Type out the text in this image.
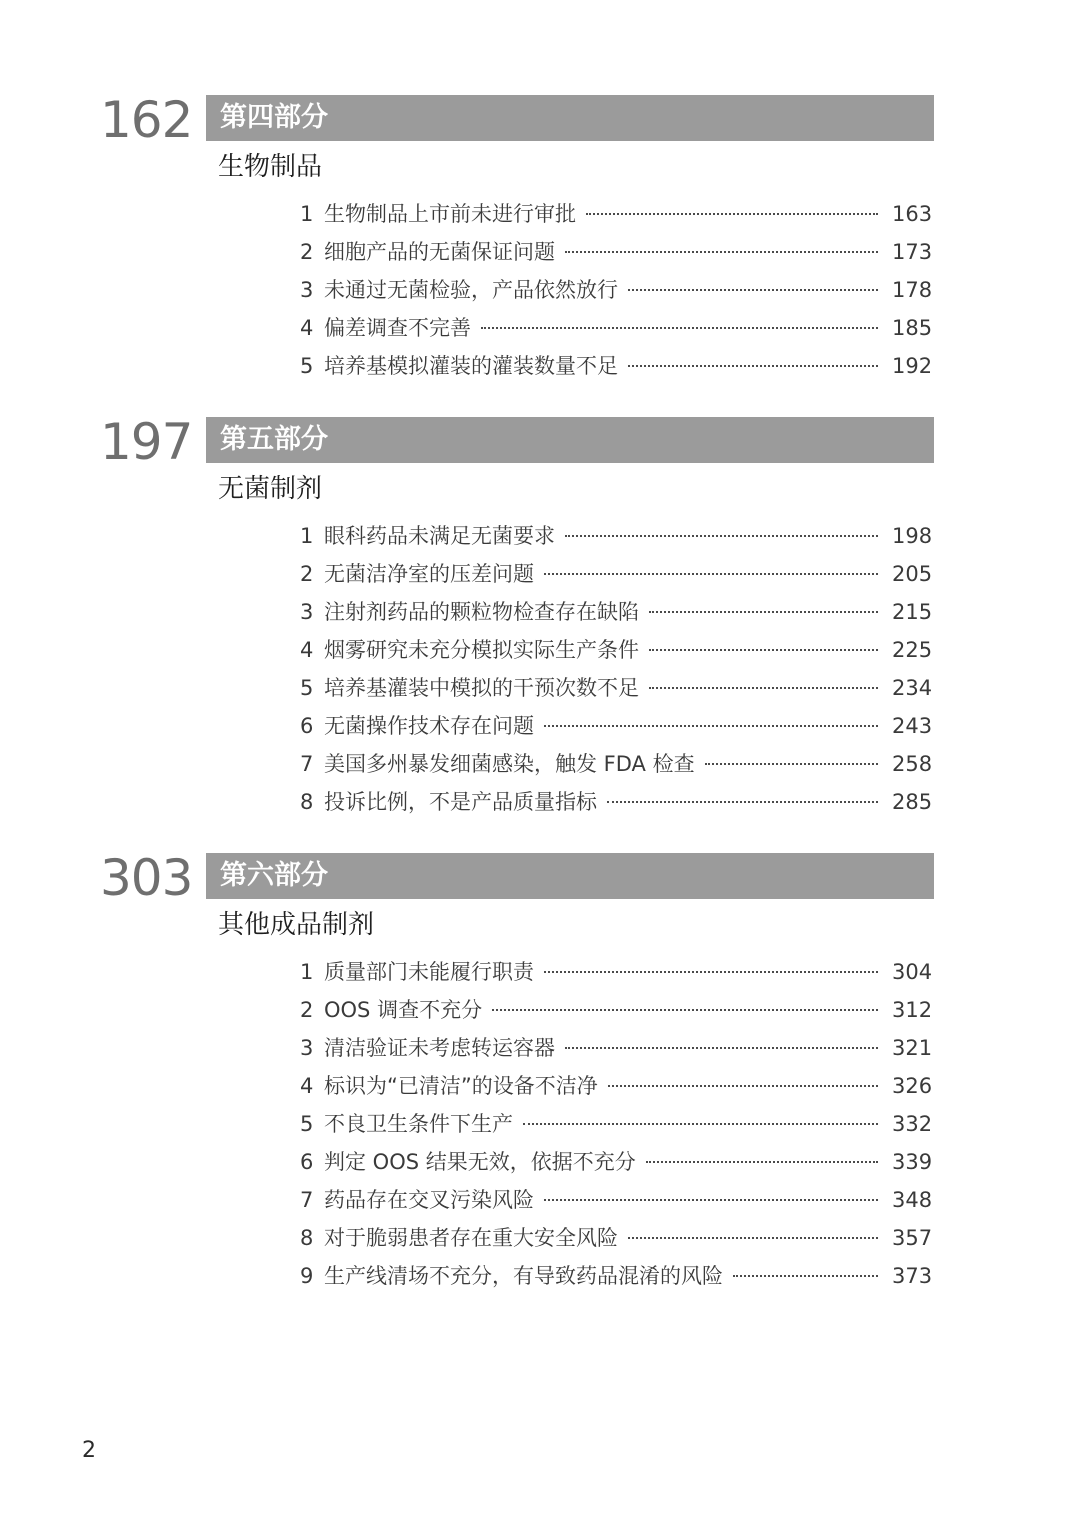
162 第四部分
生物制品
1 生物制品上市前未进行审批	163
2 细胞产品的无菌保证问题	173
3 未通过无菌检验，产品依然放行	178
4 偏差调查不完善	185
5 培养基模拟灌装的灌装数量不足	192
197 第五部分
无菌制剂
1 眼科药品未满足无菌要求	198
2 无菌洁净室的压差问题	205
3 注射剂药品的颗粒物检查存在缺陷	215
4 烟雾研究未充分模拟实际生产条件	225
5 培养基灌装中模拟的干预次数不足	234
6 无菌操作技术存在问题	243
7 美国多州暴发细菌感染，触发 FDA 检查	258
8 投诉比例，不是产品质量指标	285
303 第六部分
其他成品制剂
1 质量部门未能履行职责	304
2 OOS 调查不充分	312
3 清洁验证未考虑转运容器	321
4 标识为“已清洁”的设备不洁净	326
5 不良卫生条件下生产	332
6 判定 OOS 结果无效，依据不充分	339
7 药品存在交叉污染风险	348
8 对于脆弱患者存在重大安全风险	357
9 生产线清场不充分，有导致药品混淆的风险	373
2
